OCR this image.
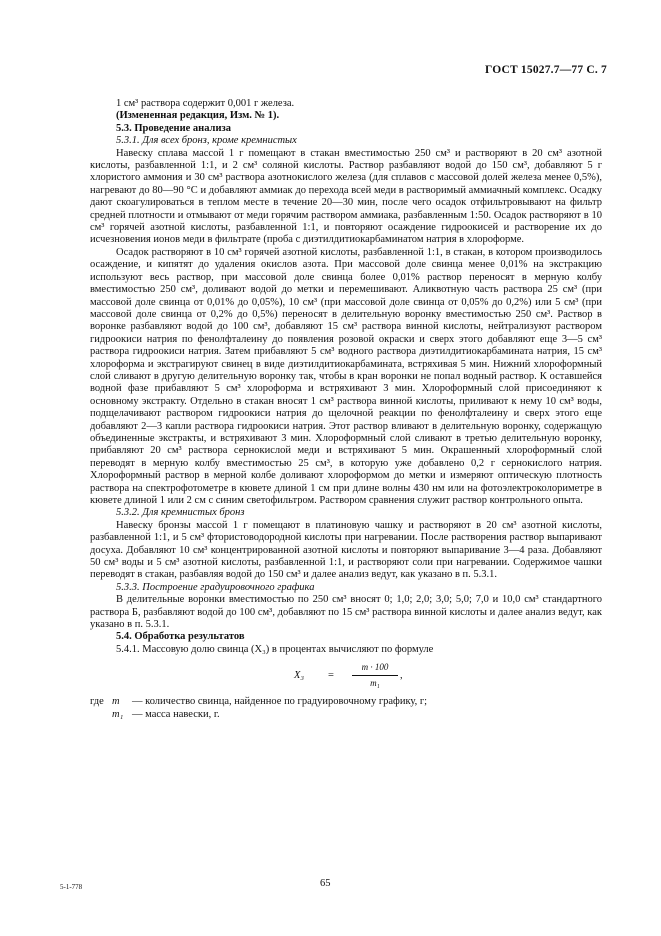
ГОСТ 15027.7—77 С. 7

1 см³ раствора содержит 0,001 г железа.

(Измененная редакция, Изм. № 1).

5.3. Проведение анализа

5.3.1. Для всех бронз, кроме кремнистых

Навеску сплава массой 1 г помещают в стакан вместимостью 250 см³ и растворяют в 20 см³ азотной кислоты, разбавленной 1:1, и 2 см³ соляной кислоты. Раствор разбавляют водой до 150 см³, добавляют 5 г хлористого аммония и 30 см³ раствора азотнокислого железа (для сплавов с массовой долей железа менее 0,5%), нагревают до 80—90 °С и добавляют аммиак до перехода всей меди в растворимый аммиачный комплекс. Осадку дают скоагулироваться в теплом месте в течение 20—30 мин, после чего осадок отфильтровывают на фильтр средней плотности и отмывают от меди горячим раствором аммиака, разбавленным 1:50. Осадок растворяют в 10 см³ горячей азотной кислоты, разбавленной 1:1, и повторяют осаждение гидроокисей и растворение их до исчезновения ионов меди в фильтрате (проба с диэтилдитиокарбаминатом натрия в хлороформе.

Осадок растворяют в 10 см³ горячей азотной кислоты, разбавленной 1:1, в стакан, в котором производилось осаждение, и кипятят до удаления окислов азота. При массовой доле свинца менее 0,01% на экстракцию используют весь раствор, при массовой доле свинца более 0,01% раствор переносят в мерную колбу вместимостью 250 см³, доливают водой до метки и перемешивают. Аликвотную часть раствора 25 см³ (при массовой доле свинца от 0,01% до 0,05%), 10 см³ (при массовой доле свинца от 0,05% до 0,2%) или 5 см³ (при массовой доле свинца от 0,2% до 0,5%) переносят в делительную воронку вместимостью 250 см³. Раствор в воронке разбавляют водой до 100 см³, добавляют 15 см³ раствора винной кислоты, нейтрализуют раствором гидроокиси натрия по фенолфталеину до появления розовой окраски и сверх этого добавляют еще 3—5 см³ раствора гидроокиси натрия. Затем прибавляют 5 см³ водного раствора диэтилдитиокарбамината натрия, 15 см³ хлороформа и экстрагируют свинец в виде диэтилдитиокарбамината, встряхивая 5 мин. Нижний хлороформный слой сливают в другую делительную воронку так, чтобы в кран воронки не попал водный раствор. К оставшейся водной фазе прибавляют 5 см³ хлороформа и встряхивают 3 мин. Хлороформный слой присоединяют к основному экстракту. Отдельно в стакан вносят 1 см³ раствора винной кислоты, приливают к нему 10 см³ воды, подщелачивают раствором гидроокиси натрия до щелочной реакции по фенолфталеину и сверх этого еще добавляют 2—3 капли раствора гидроокиси натрия. Этот раствор вливают в делительную воронку, содержащую объединенные экстракты, и встряхивают 3 мин. Хлороформный слой сливают в третью делительную воронку, прибавляют 20 см³ раствора сернокислой меди и встряхивают 5 мин. Окрашенный хлороформный слой переводят в мерную колбу вместимостью 25 см³, в которую уже добавлено 0,2 г сернокислого натрия. Хлороформный раствор в мерной колбе доливают хлороформом до метки и измеряют оптическую плотность раствора на спектрофотометре в кювете длиной 1 см при длине волны 430 нм или на фотоэлектроколориметре в кювете длиной 1 или 2 см с синим светофильтром. Раствором сравнения служит раствор контрольного опыта.

5.3.2. Для кремнистых бронз

Навеску бронзы массой 1 г помещают в платиновую чашку и растворяют в 20 см³ азотной кислоты, разбавленной 1:1, и 5 см³ фтористоводородной кислоты при нагревании. После растворения раствор выпаривают досуха. Добавляют 10 см³ концентрированной азотной кислоты и повторяют выпаривание 3—4 раза. Добавляют 50 см³ воды и 5 см³ азотной кислоты, разбавленной 1:1, и растворяют соли при нагревании. Содержимое чашки переводят в стакан, разбавляя водой до 150 см³ и далее анализ ведут, как указано в п. 5.3.1.

5.3.3. Построение градуировочного графика

В делительные воронки вместимостью по 250 см³ вносят 0; 1,0; 2,0; 3,0; 5,0; 7,0 и 10,0 см³ стандартного раствора Б, разбавляют водой до 100 см³, добавляют по 15 см³ раствора винной кислоты и далее анализ ведут, как указано в п. 5.3.1.

5.4. Обработка результатов

5.4.1. Массовую долю свинца (X₃) в процентах вычисляют по формуле

X₃ =
m · 100
m₁
,
где m	— количество свинца, найденное по градуировочному графику, г;
m₁ — масса навески, г.
5-1-778	65
